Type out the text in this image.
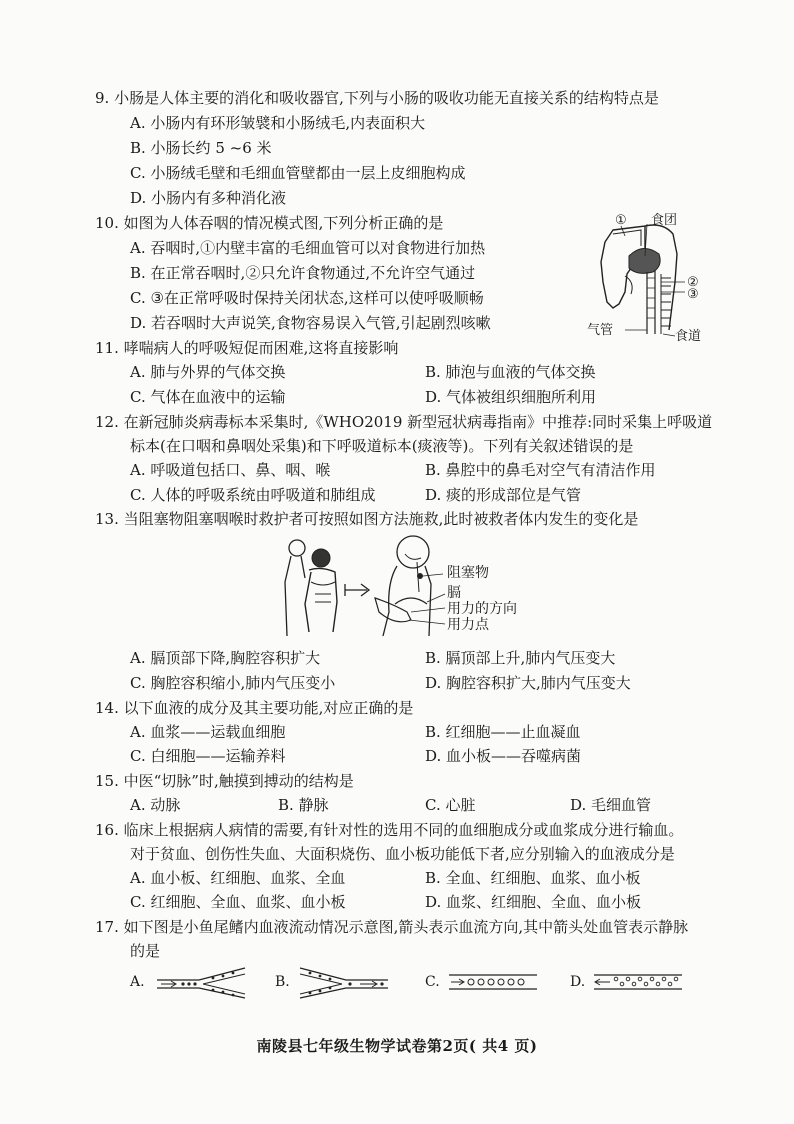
9. 小肠是人体主要的消化和吸收器官,下列与小肠的吸收功能无直接关系的结构特点是
A. 小肠内有环形皱襞和小肠绒毛,内表面积大
B. 小肠长约 5 ~6 米
C. 小肠绒毛壁和毛细血管壁都由一层上皮细胞构成
D. 小肠内有多种消化液
10. 如图为人体吞咽的情况模式图,下列分析正确的是
A. 吞咽时,①内壁丰富的毛细血管可以对食物进行加热
B. 在正常吞咽时,②只允许食物通过,不允许空气通过
C. ③在正常呼吸时保持关闭状态,这样可以使呼吸顺畅
D. 若吞咽时大声说笑,食物容易误入气管,引起剧烈咳嗽
① 食团
②
③
气管	食道
11. 哮喘病人的呼吸短促而困难,这将直接影响
A. 肺与外界的气体交换	B. 肺泡与血液的气体交换
C. 气体在血液中的运输	D. 气体被组织细胞所利用
12. 在新冠肺炎病毒标本采集时,《WHO2019 新型冠状病毒指南》中推荐:同时采集上呼吸道
标本(在口咽和鼻咽处采集)和下呼吸道标本(痰液等)。下列有关叙述错误的是
A. 呼吸道包括口、鼻、咽、喉	B. 鼻腔中的鼻毛对空气有清洁作用
C. 人体的呼吸系统由呼吸道和肺组成	D. 痰的形成部位是气管
13. 当阻塞物阻塞咽喉时救护者可按照如图方法施救,此时被救者体内发生的变化是
阻塞物
膈
用力的方向
用力点
A. 膈顶部下降,胸腔容积扩大	B. 膈顶部上升,肺内气压变大
C. 胸腔容积缩小,肺内气压变小	D. 胸腔容积扩大,肺内气压变大
14. 以下血液的成分及其主要功能,对应正确的是
A. 血浆——运载血细胞	B. 红细胞——止血凝血
C. 白细胞——运输养料	D. 血小板——吞噬病菌
15. 中医“切脉”时,触摸到搏动的结构是
A. 动脉	B. 静脉	C. 心脏	D. 毛细血管
16. 临床上根据病人病情的需要,有针对性的选用不同的血细胞成分或血浆成分进行输血。
对于贫血、创伤性失血、大面积烧伤、血小板功能低下者,应分别输入的血液成分是
A. 血小板、红细胞、血浆、全血	B. 全血、红细胞、血浆、血小板
C. 红细胞、全血、血浆、血小板	D. 血浆、红细胞、全血、血小板
17. 如下图是小鱼尾鳍内血液流动情况示意图,箭头表示血流方向,其中箭头处血管表示静脉
的是
A.	B.	C.	D.
南陵县七年级生物学试卷第2页( 共4 页)
